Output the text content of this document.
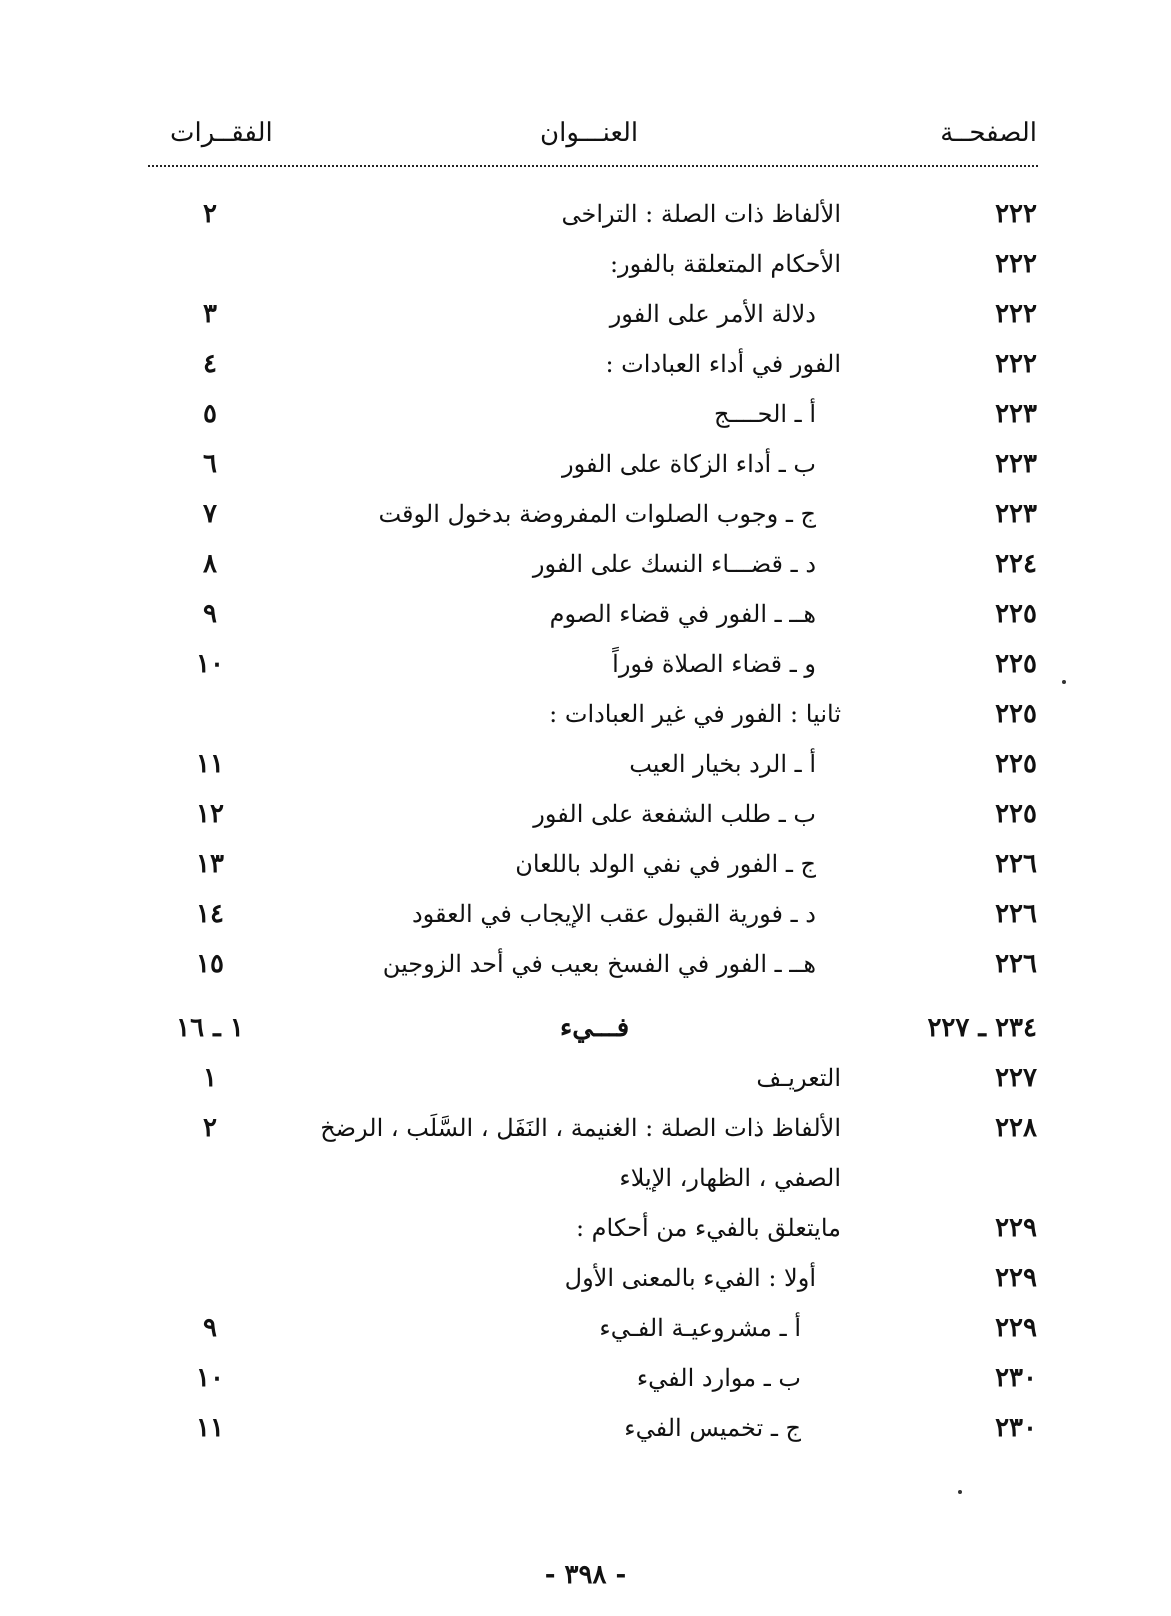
الصفحــة
العنـــوان
الفقــرات
٢٢٢
الألفاظ ذات الصلة : التراخى
٢
٢٢٢
الأحكام المتعلقة بالفور:
٢٢٢
دلالة الأمر على الفور
٣
٢٢٢
الفور في أداء العبادات :
٤
٢٢٣
أ ـ الحــــج
٥
٢٢٣
ب ـ أداء الزكاة على الفور
٦
٢٢٣
ج ـ وجوب الصلوات المفروضة بدخول الوقت
٧
٢٢٤
د ـ قضـــاء النسك على الفور
٨
٢٢٥
هــ ـ الفور في قضاء الصوم
٩
٢٢٥
و ـ قضاء الصلاة فوراً
١٠
٢٢٥
ثانيا : الفور في غير العبادات :
٢٢٥
أ ـ الرد بخيار العيب
١١
٢٢٥
ب ـ طلب الشفعة على الفور
١٢
٢٢٦
ج ـ الفور في نفي الولد باللعان
١٣
٢٢٦
د ـ فورية القبول عقب الإيجاب في العقود
١٤
٢٢٦
هــ ـ الفور في الفسخ بعيب في أحد الزوجين
١٥
٢٣٤ ـ ٢٢٧
فـــيء
١ ـ ١٦
٢٢٧
التعريـف
١
٢٢٨
الألفاظ ذات الصلة : الغنيمة ، النَفَل ، السَّلَب ، الرضخ
٢
الصفي ، الظهار، الإيلاء
٢٢٩
مايتعلق بالفيء من أحكام :
٢٢٩
أولا : الفيء بالمعنى الأول
٢٢٩
أ ـ مشروعيـة الفـيء
٩
٢٣٠
ب ـ موارد الفيء
١٠
٢٣٠
ج ـ تخميس الفيء
١١
- ٣٩٨ -
